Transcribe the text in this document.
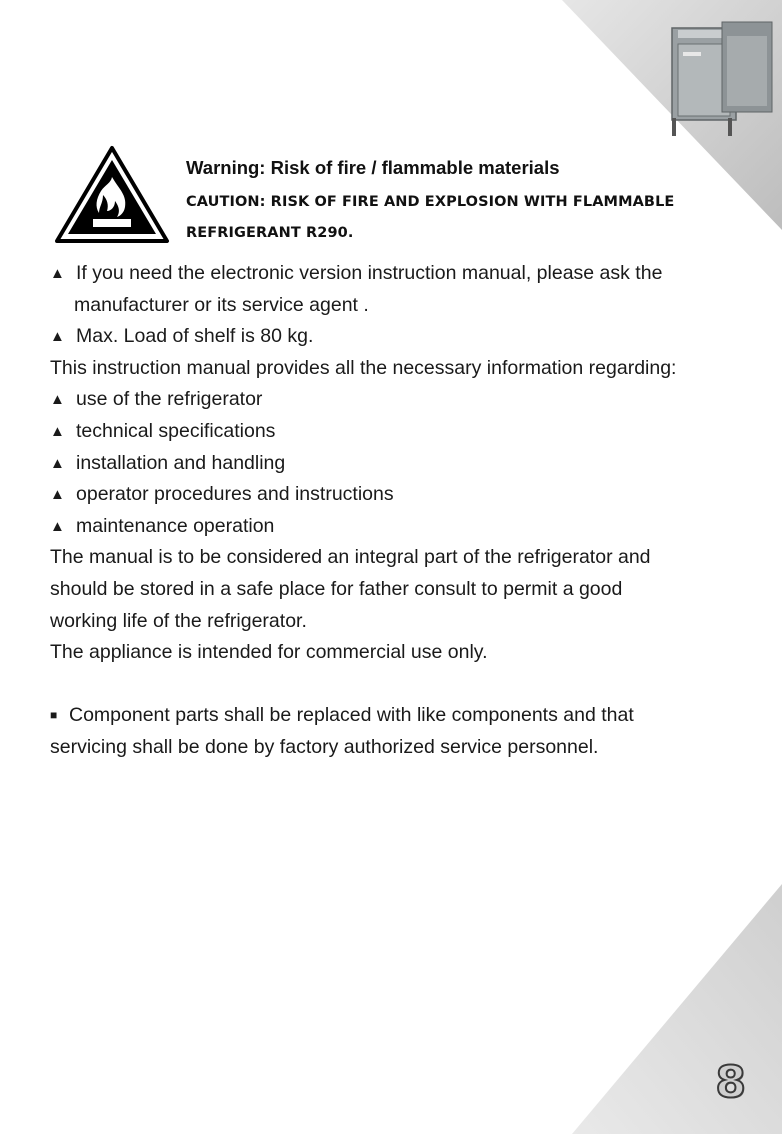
Warning: Risk of fire / flammable materials
CAUTION: RISK OF FIRE AND EXPLOSION WITH FLAMMABLE
REFRIGERANT R290.
▲ If you need the electronic version instruction manual, please ask the
manufacturer or its service agent .
▲ Max. Load of shelf is 80 kg.
This instruction manual provides all the necessary information regarding:
▲ use of the refrigerator
▲ technical specifications
▲ installation and handling
▲ operator procedures and instructions
▲ maintenance operation
The manual is to be considered an integral part of the refrigerator and
should be stored in a safe place for father consult to permit a good
working life of the refrigerator.
The appliance is intended for commercial use only.
■ Component parts shall be replaced with like components and that
servicing shall be done by factory authorized service personnel.
8
